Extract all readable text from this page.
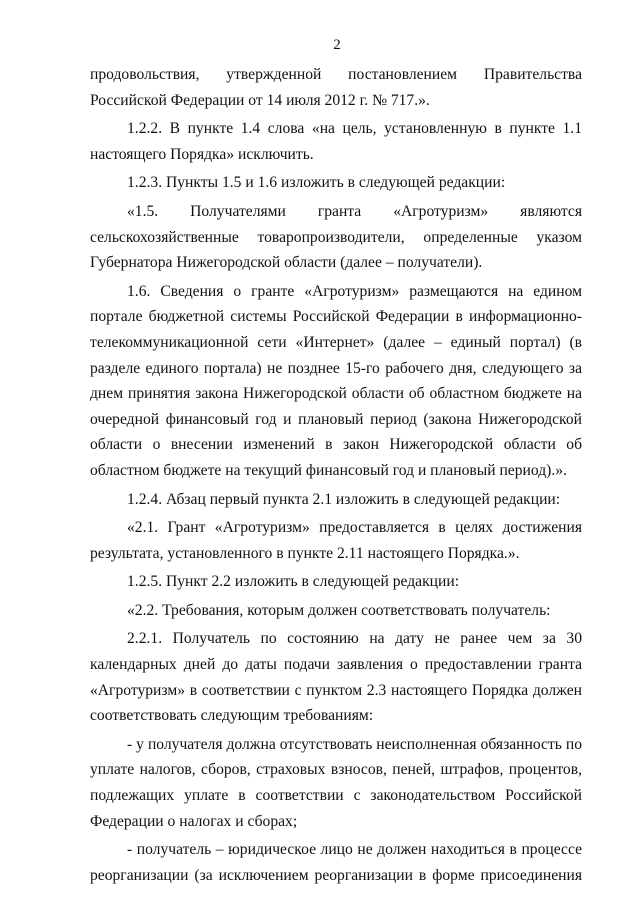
2

продовольствия, утвержденной постановлением Правительства Российской Федерации от 14 июля 2012 г. № 717.».

1.2.2. В пункте 1.4 слова «на цель, установленную в пункте 1.1 настоящего Порядка» исключить.

1.2.3. Пункты 1.5 и 1.6 изложить в следующей редакции:

«1.5. Получателями гранта «Агротуризм» являются сельскохозяйственные товаропроизводители, определенные указом Губернатора Нижегородской области (далее – получатели).

1.6. Сведения о гранте «Агротуризм» размещаются на едином портале бюджетной системы Российской Федерации в информационно-телекоммуникационной сети «Интернет» (далее – единый портал) (в разделе единого портала) не позднее 15-го рабочего дня, следующего за днем принятия закона Нижегородской области об областном бюджете на очередной финансовый год и плановый период (закона Нижегородской области о внесении изменений в закон Нижегородской области об областном бюджете на текущий финансовый год и плановый период).».

1.2.4. Абзац первый пункта 2.1 изложить в следующей редакции:

«2.1. Грант «Агротуризм» предоставляется в целях достижения результата, установленного в пункте 2.11 настоящего Порядка.».

1.2.5. Пункт 2.2 изложить в следующей редакции:

«2.2. Требования, которым должен соответствовать получатель:

2.2.1. Получатель по состоянию на дату не ранее чем за 30 календарных дней до даты подачи заявления о предоставлении гранта «Агротуризм» в соответствии с пунктом 2.3 настоящего Порядка должен соответствовать следующим требованиям:

- у получателя должна отсутствовать неисполненная обязанность по уплате налогов, сборов, страховых взносов, пеней, штрафов, процентов, подлежащих уплате в соответствии с законодательством Российской Федерации о налогах и сборах;

- получатель – юридическое лицо не должен находиться в процессе реорганизации (за исключением реорганизации в форме присоединения
